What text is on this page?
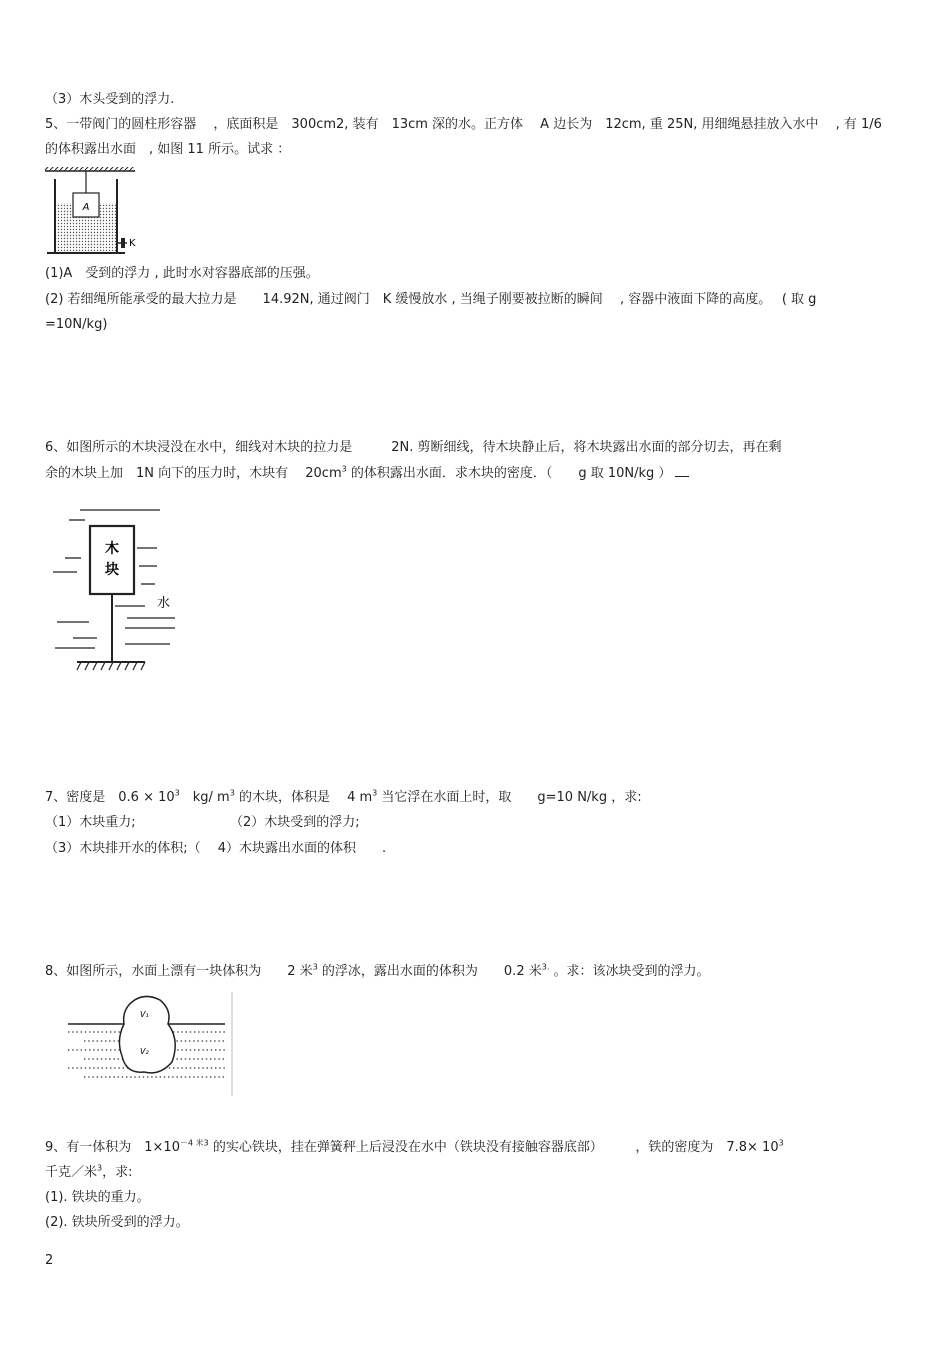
（3）木头受到的浮力.
5、一带阀门的圆柱形容器　 ，底面积是　300cm2, 装有　13cm 深的水。正方体　 A 边长为　12cm, 重 25N, 用细绳悬挂放入水中　 , 有 1/6
的体积露出水面　, 如图 11 所示。试求 ：
A
K
(1)A　受到的浮力 , 此时水对容器底部的压强。
(2) 若细绳所能承受的最大拉力是　　14.92N, 通过阀门　K 缓慢放水 , 当绳子刚要被拉断的瞬间　 , 容器中液面下降的高度。　 ( 取 g
=10N/kg)
6、如图所示的木块浸没在水中，细线对木块的拉力是　　　2N. 剪断细线，待木块静止后，将木块露出水面的部分切去，再在剩
余的木块上加　1N 向下的压力时，木块有　 $20cm^3$ 的体积露出水面．求木块的密度．（　　g 取 10N/kg ）
木
块
水
7、密度是　$0.6 \times 10^3$　kg/ $m^3$ 的木块，体积是　 4 $m^3$ 当它浮在水面上时，取　　g=10 N/kg ，求:
（1）木块重力;	（2）木块受到的浮力;
（3）木块排开水的体积;（　 4）木块露出水面的体积　　.
8、如图所示，水面上漂有一块体积为　　2 米$^3$ 的浮冰，露出水面的体积为　　0.2 米$^{3.}$ 。求：该冰块受到的浮力。
V₁
V₂
9、有一体积为　$1\times 10^{-4 米3}$ 的实心铁块，挂在弹簧秤上后浸没在水中（铁块没有接触容器底部）　　　，铁的密度为　$7.8\times 10^3$
千克／米$^3$，求:
(1). 铁块的重力。
(2). 铁块所受到的浮力。
2
